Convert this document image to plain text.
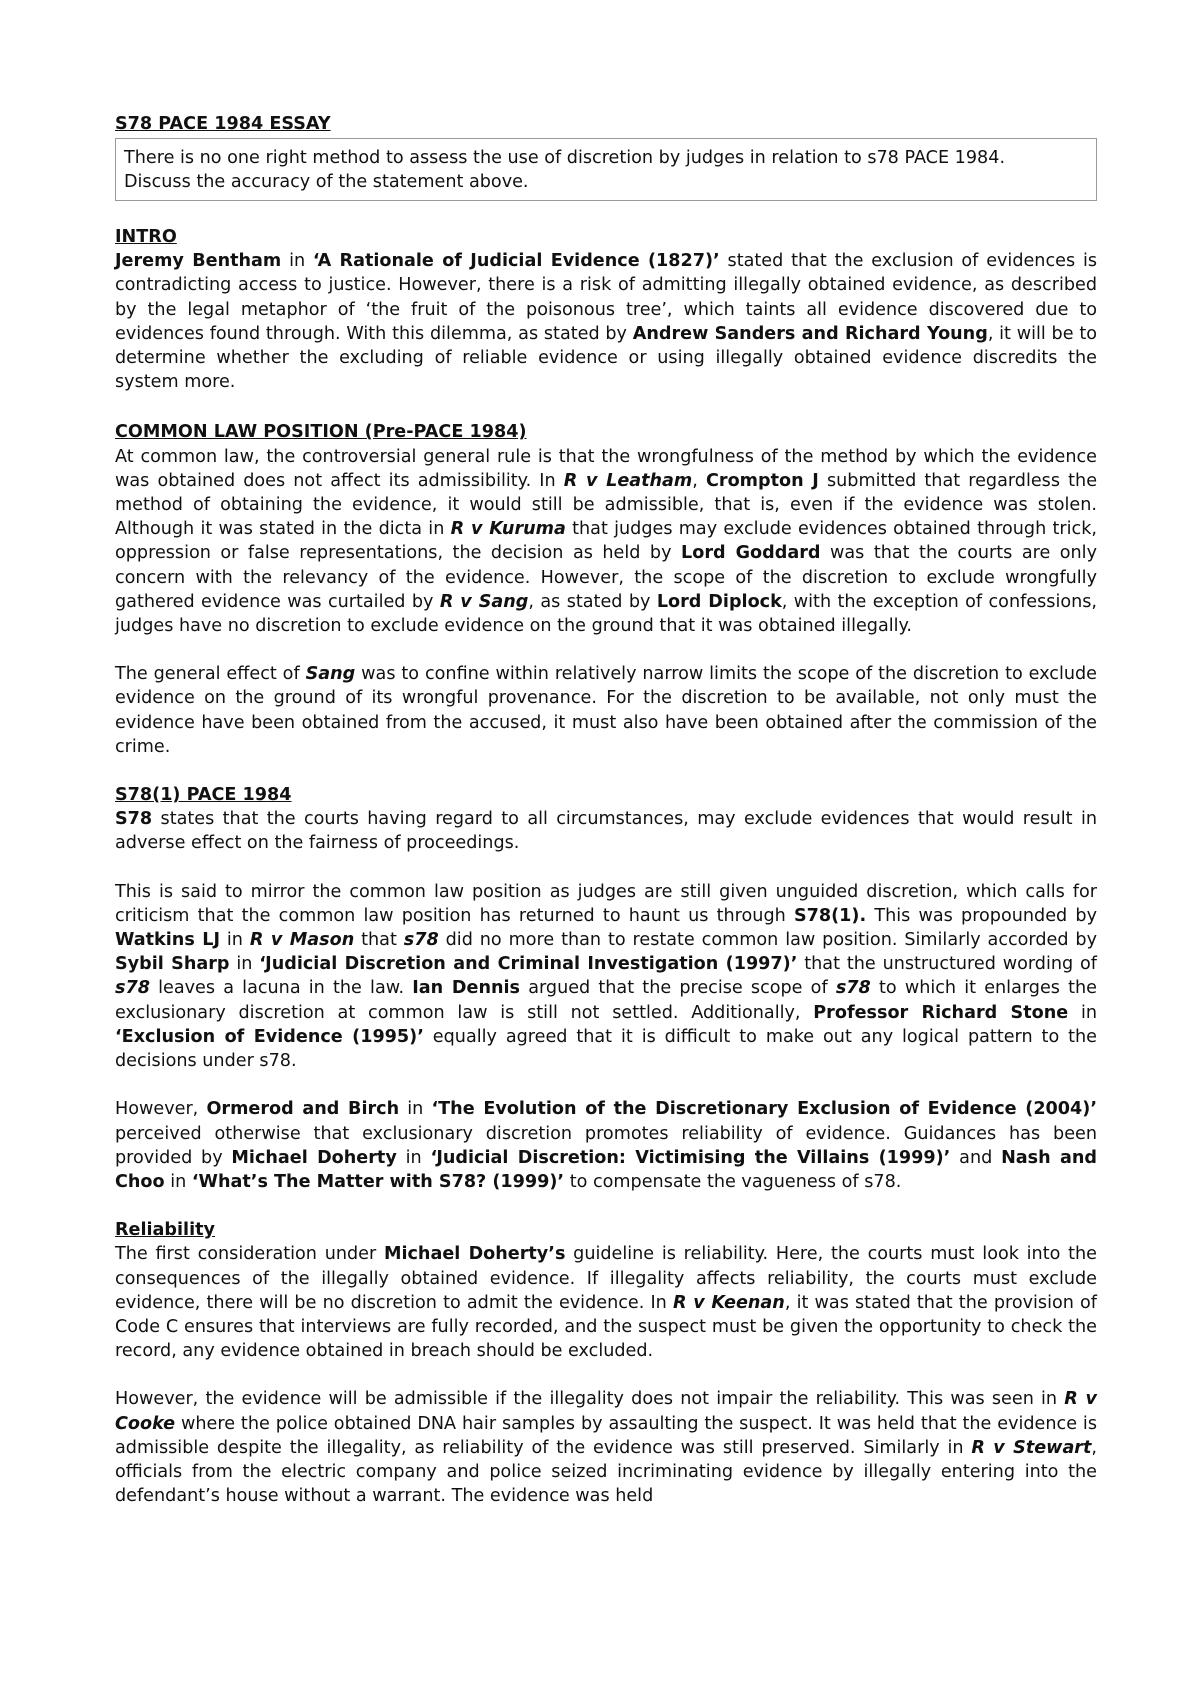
S78 PACE 1984 ESSAY
There is no one right method to assess the use of discretion by judges in relation to s78 PACE 1984.
Discuss the accuracy of the statement above.
INTRO

Jeremy Bentham in ‘A Rationale of Judicial Evidence (1827)’ stated that the exclusion of evidences is contradicting access to justice. However, there is a risk of admitting illegally obtained evidence, as described by the legal metaphor of ‘the fruit of the poisonous tree’, which taints all evidence discovered due to evidences found through. With this dilemma, as stated by Andrew Sanders and Richard Young, it will be to determine whether the excluding of reliable evidence or using illegally obtained evidence discredits the system more.

COMMON LAW POSITION (Pre-PACE 1984)

At common law, the controversial general rule is that the wrongfulness of the method by which the evidence was obtained does not affect its admissibility. In R v Leatham, Crompton J submitted that regardless the method of obtaining the evidence, it would still be admissible, that is, even if the evidence was stolen. Although it was stated in the dicta in R v Kuruma that judges may exclude evidences obtained through trick, oppression or false representations, the decision as held by Lord Goddard was that the courts are only concern with the relevancy of the evidence. However, the scope of the discretion to exclude wrongfully gathered evidence was curtailed by R v Sang, as stated by Lord Diplock, with the exception of confessions, judges have no discretion to exclude evidence on the ground that it was obtained illegally.

The general effect of Sang was to confine within relatively narrow limits the scope of the discretion to exclude evidence on the ground of its wrongful provenance. For the discretion to be available, not only must the evidence have been obtained from the accused, it must also have been obtained after the commission of the crime.

S78(1) PACE 1984

S78 states that the courts having regard to all circumstances, may exclude evidences that would result in adverse effect on the fairness of proceedings.

This is said to mirror the common law position as judges are still given unguided discretion, which calls for criticism that the common law position has returned to haunt us through S78(1). This was propounded by Watkins LJ in R v Mason that s78 did no more than to restate common law position. Similarly accorded by Sybil Sharp in ‘Judicial Discretion and Criminal Investigation (1997)’ that the unstructured wording of s78 leaves a lacuna in the law. Ian Dennis argued that the precise scope of s78 to which it enlarges the exclusionary discretion at common law is still not settled. Additionally, Professor Richard Stone in ‘Exclusion of Evidence (1995)’ equally agreed that it is difficult to make out any logical pattern to the decisions under s78.

However, Ormerod and Birch in ‘The Evolution of the Discretionary Exclusion of Evidence (2004)’ perceived otherwise that exclusionary discretion promotes reliability of evidence. Guidances has been provided by Michael Doherty in ‘Judicial Discretion: Victimising the Villains (1999)’ and Nash and Choo in ‘What’s The Matter with S78? (1999)’ to compensate the vagueness of s78.

Reliability

The first consideration under Michael Doherty’s guideline is reliability. Here, the courts must look into the consequences of the illegally obtained evidence. If illegality affects reliability, the courts must exclude evidence, there will be no discretion to admit the evidence. In R v Keenan, it was stated that the provision of Code C ensures that interviews are fully recorded, and the suspect must be given the opportunity to check the record, any evidence obtained in breach should be excluded.

However, the evidence will be admissible if the illegality does not impair the reliability. This was seen in R v Cooke where the police obtained DNA hair samples by assaulting the suspect. It was held that the evidence is admissible despite the illegality, as reliability of the evidence was still preserved. Similarly in R v Stewart, officials from the electric company and police seized incriminating evidence by illegally entering into the defendant’s house without a warrant. The evidence was held
